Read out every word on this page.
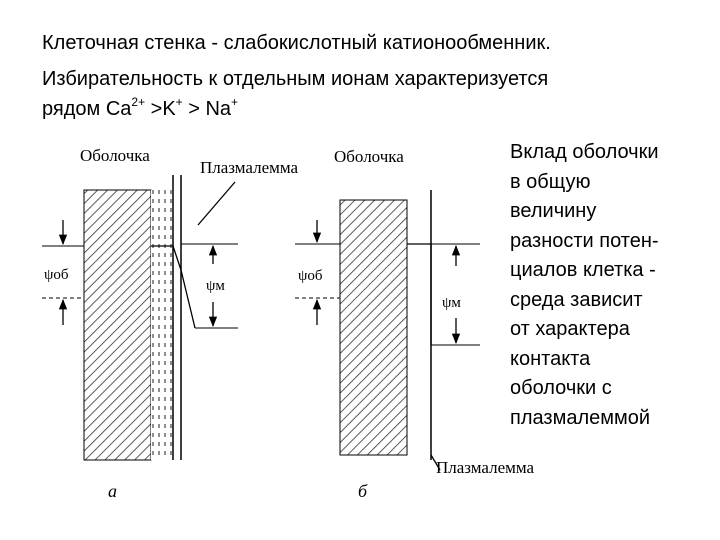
Клеточная стенка - слабокислотный катионообменник.

Избирательность к отдельным ионам характеризуется
рядом $Ca^{2+} >K^+ > Na^+$

Вклад оболочки
в общую
величину
разности потен-
циалов клетка -
среда зависит
от характера
контакта
оболочки с
плазмалеммой

Оболочка
Плазмалемма
ψоб
ψм
а
Оболочка
ψоб
ψм
Плазмалемма
б
